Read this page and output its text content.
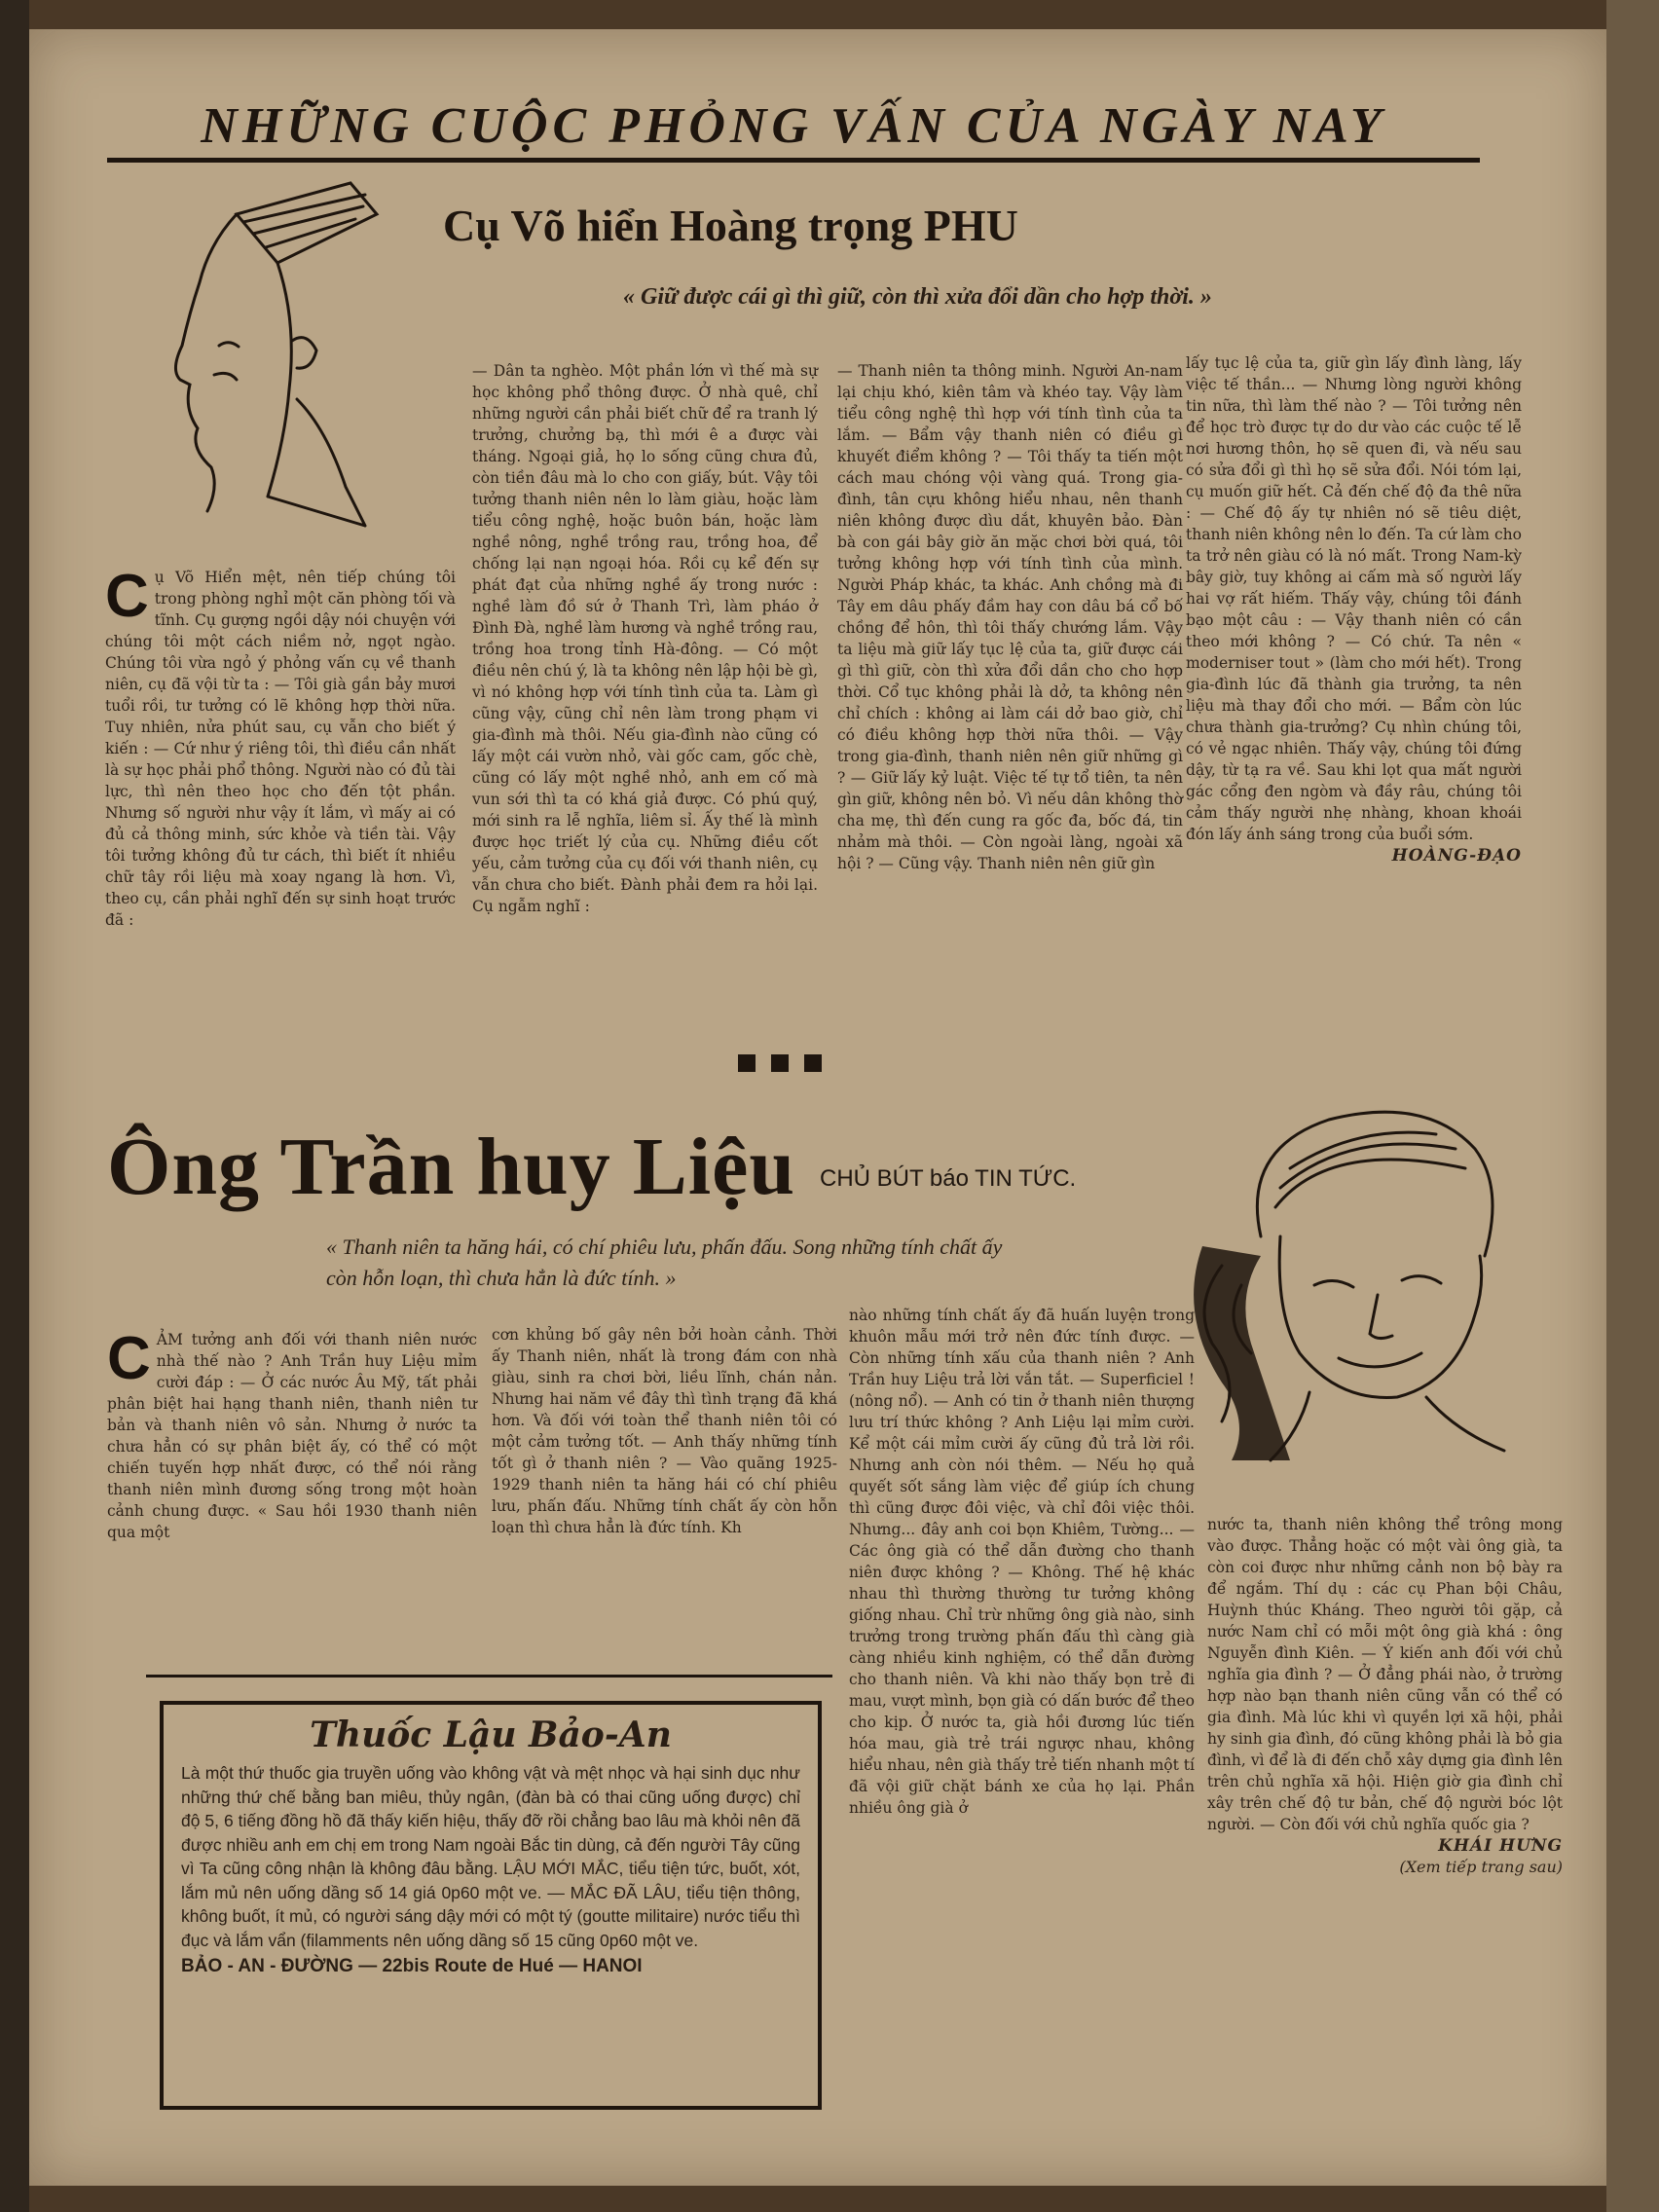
NHỮNG CUỘC PHỎNG VẤN CỦA NGÀY NAY
Cụ Võ hiển Hoàng trọng PHU
« Giữ được cái gì thì giữ, còn thì xửa đổi dần cho hợp thời. »
C ụ Võ Hiển mệt, nên tiếp chúng tôi trong phòng nghỉ một căn phòng tối và tĩnh. Cụ gượng ngồi dậy nói chuyện với chúng tôi một cách niềm nở, ngọt ngào. Chúng tôi vừa ngỏ ý phỏng vấn cụ về thanh niên, cụ đã vội từ ta : — Tôi già gần bảy mươi tuổi rồi, tư tưởng có lẽ không hợp thời nữa. Tuy nhiên, nửa phút sau, cụ vẫn cho biết ý kiến : — Cứ như ý riêng tôi, thì điều cần nhất là sự học phải phổ thông. Người nào có đủ tài lực, thì nên theo học cho đến tột phần. Nhưng số người như vậy ít lắm, vì mấy ai có đủ cả thông minh, sức khỏe và tiền tài. Vậy tôi tưởng không đủ tư cách, thì biết ít nhiều chữ tây rồi liệu mà xoay ngang là hơn. Vì, theo cụ, cần phải nghĩ đến sự sinh hoạt trước đã :
— Dân ta nghèo. Một phần lớn vì thế mà sự học không phổ thông được. Ở nhà quê, chỉ những người cần phải biết chữ để ra tranh lý trưởng, chưởng bạ, thì mới ê a được vài tháng. Ngoại giả, họ lo sống cũng chưa đủ, còn tiền đâu mà lo cho con giấy, bút. Vậy tôi tưởng thanh niên nên lo làm giàu, hoặc làm tiểu công nghệ, hoặc buôn bán, hoặc làm nghề nông, nghề trồng rau, trồng hoa, để chống lại nạn ngoại hóa. Rồi cụ kể đến sự phát đạt của những nghề ấy trong nước : nghề làm đồ sứ ở Thanh Trì, làm pháo ở Đình Đà, nghề làm hương và nghề trồng rau, trồng hoa trong tỉnh Hà-đông. — Có một điều nên chú ý, là ta không nên lập hội bè gì, vì nó không hợp với tính tình của ta. Làm gì cũng vậy, cũng chỉ nên làm trong phạm vi gia-đình mà thôi. Nếu gia-đình nào cũng có lấy một cái vườn nhỏ, vài gốc cam, gốc chè, cũng có lấy một nghề nhỏ, anh em cố mà vun sới thì ta có khá giả được. Có phú quý, mới sinh ra lễ nghĩa, liêm sỉ. Ấy thế là mình được học triết lý của cụ. Những điều cốt yếu, cảm tưởng của cụ đối với thanh niên, cụ vẫn chưa cho biết. Đành phải đem ra hỏi lại. Cụ ngẫm nghĩ :
— Thanh niên ta thông minh. Người An-nam lại chịu khó, kiên tâm và khéo tay. Vậy làm tiểu công nghệ thì hợp với tính tình của ta lắm. — Bẩm vậy thanh niên có điều gì khuyết điểm không ? — Tôi thấy ta tiến một cách mau chóng vội vàng quá. Trong gia-đình, tân cựu không hiểu nhau, nên thanh niên không được dìu dắt, khuyên bảo. Đàn bà con gái bây giờ ăn mặc chơi bời quá, tôi tưởng không hợp với tính tình của mình. Người Pháp khác, ta khác. Anh chồng mà đi Tây em dâu phấy đầm hay con dâu bá cổ bố chồng để hôn, thì tôi thấy chướng lắm. Vậy ta liệu mà giữ lấy tục lệ của ta, giữ được cái gì thì giữ, còn thì xửa đổi dần cho cho hợp thời. Cổ tục không phải là dở, ta không nên chỉ chích : không ai làm cái dở bao giờ, chỉ có điều không hợp thời nữa thôi. — Vậy trong gia-đình, thanh niên nên giữ những gì ? — Giữ lấy kỷ luật. Việc tế tự tổ tiên, ta nên gìn giữ, không nên bỏ. Vì nếu dân không thờ cha mẹ, thì đến cung ra gốc đa, bốc đá, tin nhảm mà thôi. — Còn ngoài làng, ngoài xã hội ? — Cũng vậy. Thanh niên nên giữ gìn

lấy tục lệ của ta, giữ gìn lấy đình làng, lấy việc tế thần... — Nhưng lòng người không tin nữa, thì làm thế nào ? — Tôi tưởng nên để học trò được tự do dư vào các cuộc tế lễ nơi hương thôn, họ sẽ quen đi, và nếu sau có sửa đổi gì thì họ sẽ sửa đổi. Nói tóm lại, cụ muốn giữ hết. Cả đến chế độ đa thê nữa : — Chế độ ấy tự nhiên nó sẽ tiêu diệt, thanh niên không nên lo đến. Ta cứ làm cho ta trở nên giàu có là nó mất. Trong Nam-kỳ bây giờ, tuy không ai cấm mà số người lấy hai vợ rất hiếm. Thấy vậy, chúng tôi đánh bạo một câu : — Vậy thanh niên có cần theo mới không ? — Có chứ. Ta nên « moderniser tout » (làm cho mới hết). Trong gia-đình lúc đã thành gia trưởng, ta nên liệu mà thay đổi cho mới. — Bẩm còn lúc chưa thành gia-trưởng? Cụ nhìn chúng tôi, có vẻ ngạc nhiên. Thấy vậy, chúng tôi đứng dậy, từ tạ ra về. Sau khi lọt qua mất người gác cổng đen ngòm và đầy râu, chúng tôi cảm thấy người nhẹ nhàng, khoan khoái đón lấy ánh sáng trong của buổi sớm.

HOÀNG-ĐẠO
Ông Trần huy Liệu CHỦ BÚT báo TIN TỨC.
« Thanh niên ta hăng hái, có chí phiêu lưu, phấn đấu. Song những tính chất ấy còn hỗn loạn, thì chưa hẳn là đức tính. »
C ẢM tưởng anh đối với thanh niên nước nhà thế nào ? Anh Trần huy Liệu mỉm cười đáp : — Ở các nước Âu Mỹ, tất phải phân biệt hai hạng thanh niên, thanh niên tư bản và thanh niên vô sản. Nhưng ở nước ta chưa hẳn có sự phân biệt ấy, có thể có một chiến tuyến hợp nhất được, có thể nói rằng thanh niên mình đương sống trong một hoàn cảnh chung được. « Sau hồi 1930 thanh niên qua một
cơn khủng bố gây nên bởi hoàn cảnh. Thời ấy Thanh niên, nhất là trong đám con nhà giàu, sinh ra chơi bời, liều lĩnh, chán nản. Nhưng hai năm về đây thì tình trạng đã khá hơn. Và đối với toàn thể thanh niên tôi có một cảm tưởng tốt. — Anh thấy những tính tốt gì ở thanh niên ? — Vào quãng 1925-1929 thanh niên ta hăng hái có chí phiêu lưu, phấn đấu. Những tính chất ấy còn hỗn loạn thì chưa hẳn là đức tính. Kh
nào những tính chất ấy đã huấn luyện trong khuôn mẫu mới trở nên đức tính được. — Còn những tính xấu của thanh niên ? Anh Trần huy Liệu trả lời vắn tắt. — Superficiel ! (nông nổ). — Anh có tin ở thanh niên thượng lưu trí thức không ? Anh Liệu lại mỉm cười. Kể một cái mỉm cười ấy cũng đủ trả lời rồi. Nhưng anh còn nói thêm. — Nếu họ quả quyết sốt sắng làm việc để giúp ích chung thì cũng được đôi việc, và chỉ đôi việc thôi. Nhưng... đây anh coi bọn Khiêm, Tường... — Các ông già có thể dẫn đường cho thanh niên được không ? — Không. Thế hệ khác nhau thì thường thường tư tưởng không giống nhau. Chỉ trừ những ông già nào, sinh trưởng trong trường phấn đấu thì càng già càng nhiều kinh nghiệm, có thể dẫn đường cho thanh niên. Và khi nào thấy bọn trẻ đi mau, vượt mình, bọn già có dấn bước để theo cho kịp. Ở nước ta, già hồi đương lúc tiến hóa mau, già trẻ trái ngược nhau, không hiểu nhau, nên già thấy trẻ tiến nhanh một tí đã vội giữ chặt bánh xe của họ lại. Phần nhiều ông già ở

nước ta, thanh niên không thể trông mong vào được. Thẳng hoặc có một vài ông già, ta còn coi được như những cảnh non bộ bày ra để ngắm. Thí dụ : các cụ Phan bội Châu, Huỳnh thúc Kháng. Theo người tôi gặp, cả nước Nam chỉ có mỗi một ông già khá : ông Nguyễn đình Kiên. — Ý kiến anh đối với chủ nghĩa gia đình ? — Ở đẳng phái nào, ở trường hợp nào bạn thanh niên cũng vẫn có thể có gia đình. Mà lúc khi vì quyền lợi xã hội, phải hy sinh gia đình, đó cũng không phải là bỏ gia đình, vì để là đi đến chỗ xây dựng gia đình lên trên chủ nghĩa xã hội. Hiện giờ gia đình chỉ xây trên chế độ tư bản, chế độ người bóc lột người. — Còn đối với chủ nghĩa quốc gia ?

KHÁI HƯNG
(Xem tiếp trang sau)
Thuốc Lậu Bảo-An
Là một thứ thuốc gia truyền uống vào không vật và mệt nhọc và hại sinh dục như những thứ chế bằng ban miêu, thủy ngân, (đàn bà có thai cũng uống được) chỉ độ 5, 6 tiếng đồng hồ đã thấy kiến hiệu, thấy đỡ rồi chẳng bao lâu mà khỏi nên đã được nhiều anh em chị em trong Nam ngoài Bắc tin dùng, cả đến người Tây cũng vì Ta cũng công nhận là không đâu bằng. LẬU MỚI MẮC, tiểu tiện tức, buốt, xót, lắm mủ nên uống dầng số 14 giá 0p60 một ve. — MẮC ĐÃ LÂU, tiểu tiện thông, không buốt, ít mủ, có người sáng dậy mới có một tý (goutte militaire) nước tiểu thì đục và lắm vẩn (filamments nên uống dầng số 15 cũng 0p60 một ve.
BẢO - AN - ĐƯỜNG — 22bis Route de Hué — HANOI
